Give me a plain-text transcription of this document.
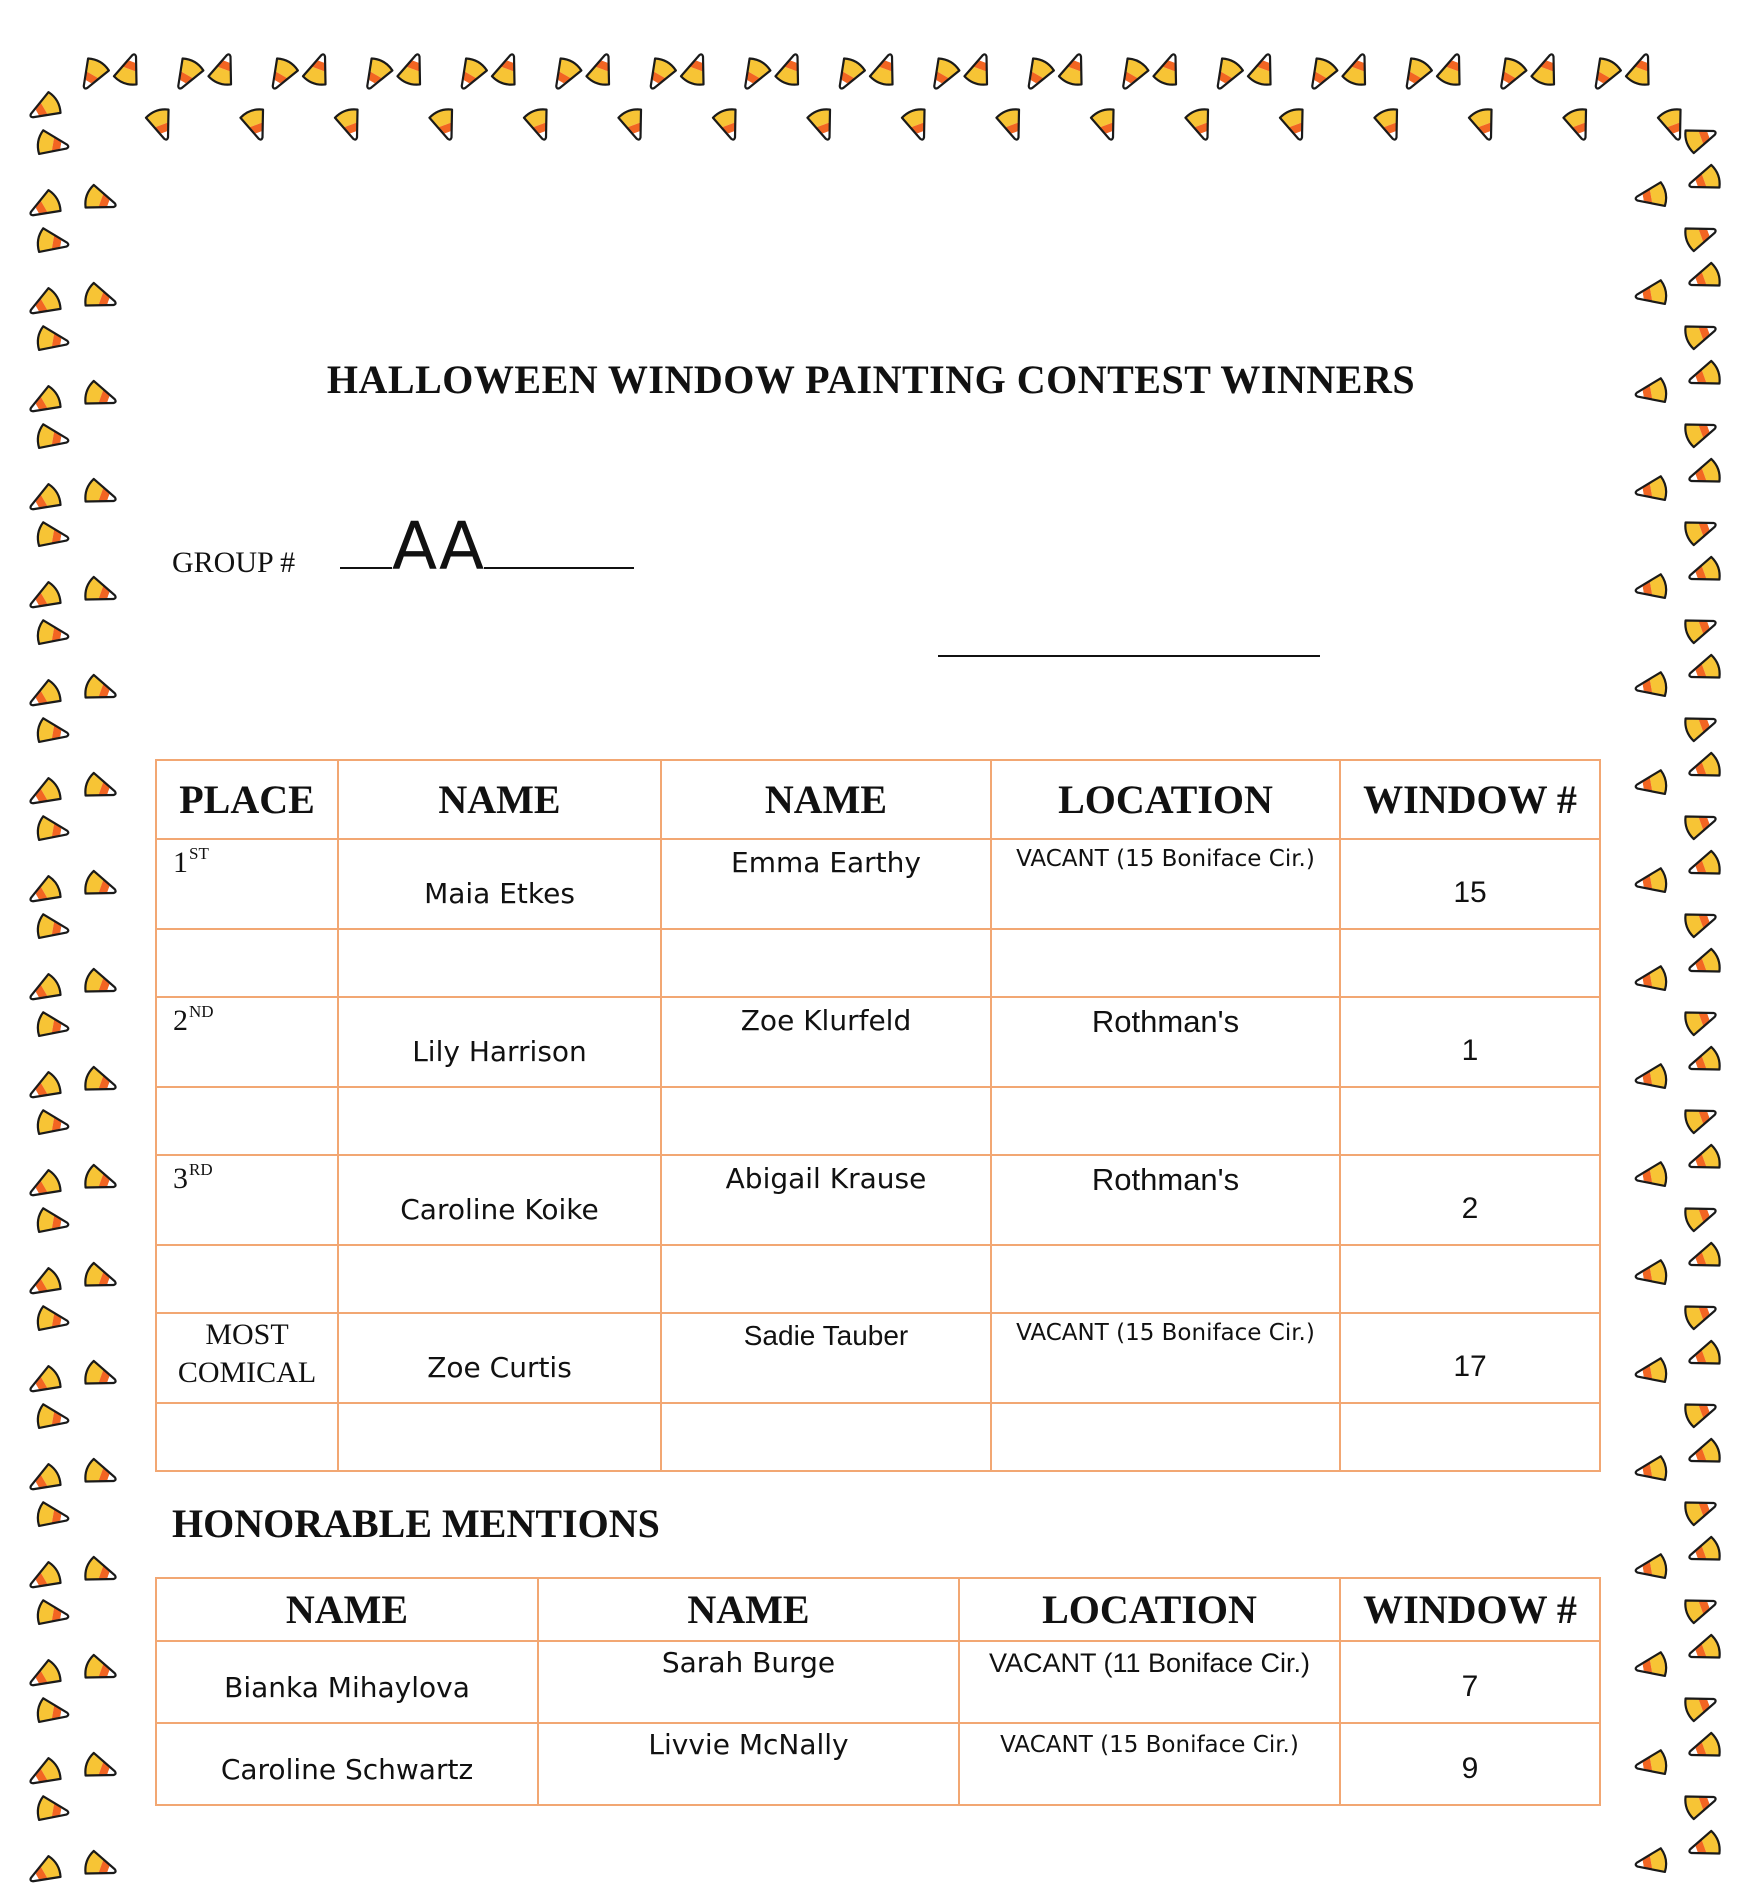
HALLOWEEN WINDOW PAINTING CONTEST WINNERS
GROUP #	AA
PLACE	NAME	NAME	LOCATION	WINDOW #

1ST	Maia Etkes	Emma Earthy	VACANT (15 Boniface Cir.)	15

2ND	Lily Harrison	Zoe Klurfeld	Rothman's	1

3RD	Caroline Koike	Abigail Krause	Rothman's	2

MOST
COMICAL	Zoe Curtis	Sadie Tauber	VACANT (15 Boniface Cir.)	17

HONORABLE MENTIONS
NAME	NAME	LOCATION	WINDOW #
Bianka Mihaylova	Sarah Burge	VACANT (11 Boniface Cir.)	7
Caroline Schwartz	Livvie McNally	VACANT (15 Boniface Cir.)	9
